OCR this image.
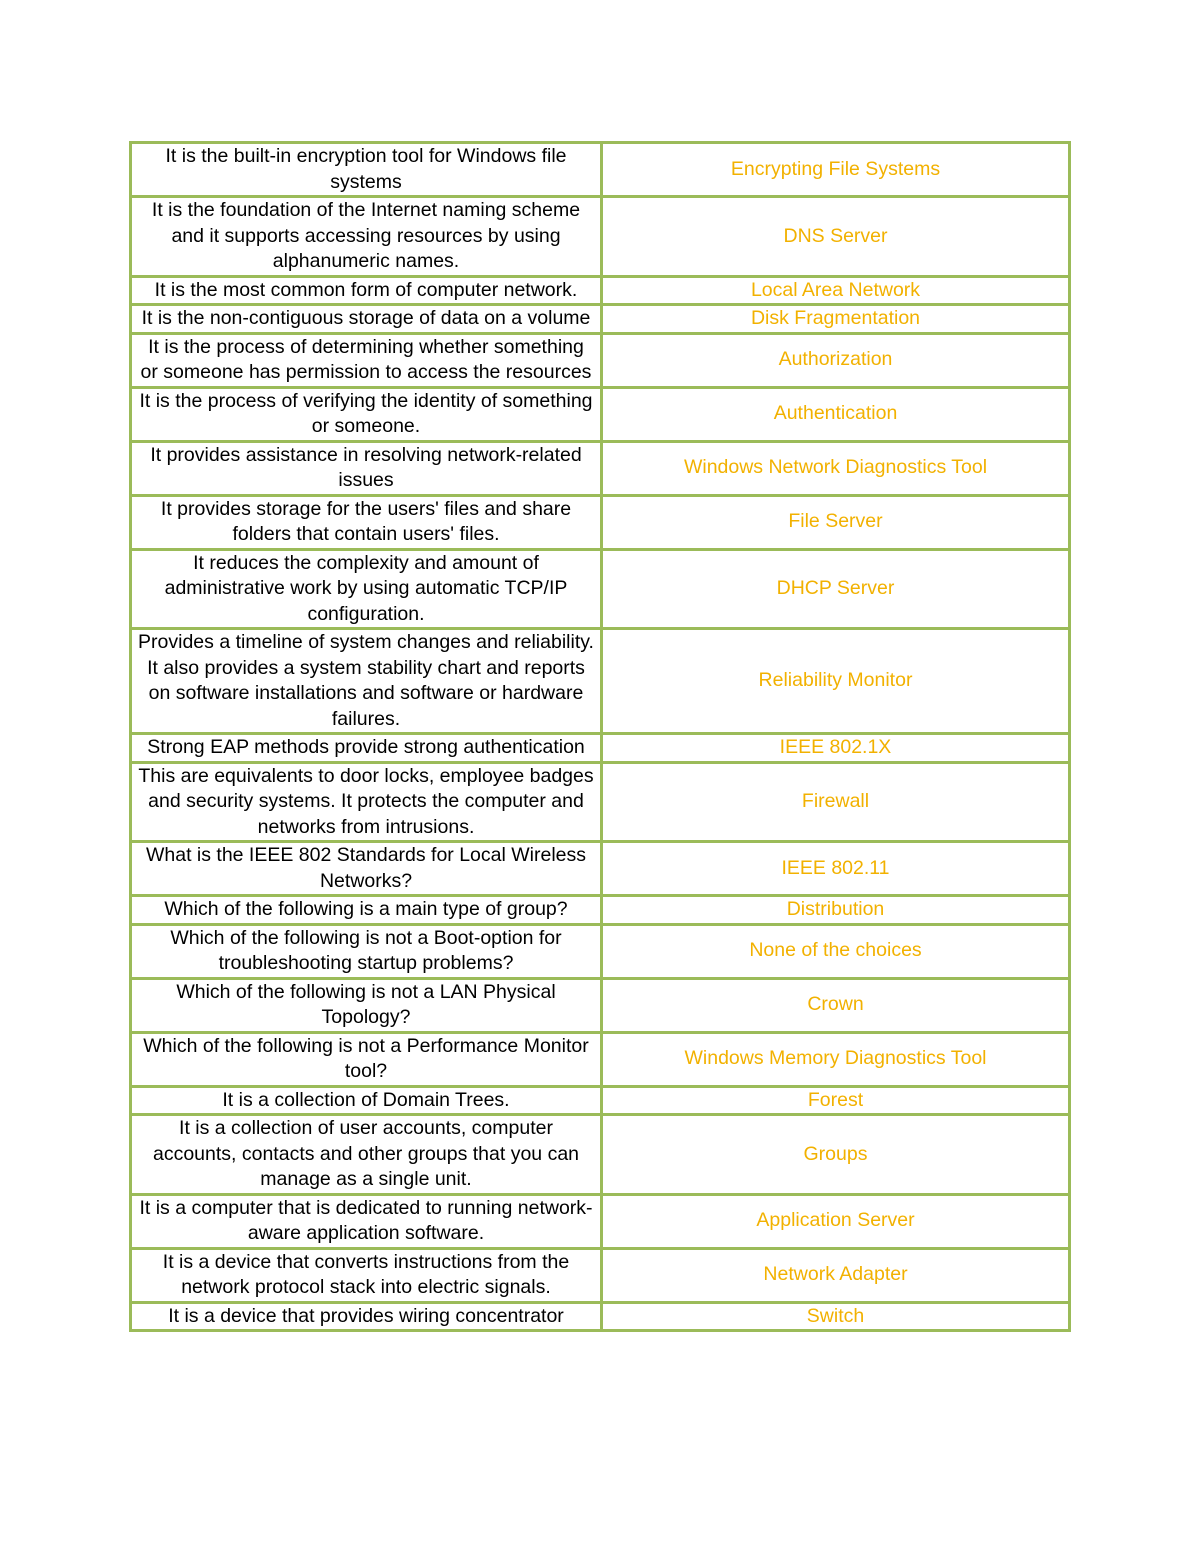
It is the built-in encryption tool for Windows file systems	Encrypting File Systems
It is the foundation of the Internet naming scheme and it supports accessing resources by using alphanumeric names.	DNS Server
It is the most common form of computer network.	Local Area Network
It is the non-contiguous storage of data on a volume	Disk Fragmentation
It is the process of determining whether something or someone has permission to access the resources	Authorization
It is the process of verifying the identity of something or someone.	Authentication
It provides assistance in resolving network-related issues	Windows Network Diagnostics Tool
It provides storage for the users' files and share folders that contain users' files.	File Server
It reduces the complexity and amount of administrative work by using automatic TCP/IP configuration.	DHCP Server
Provides a timeline of system changes and reliability. It also provides a system stability chart and reports on software installations and software or hardware failures.	Reliability Monitor
Strong EAP methods provide strong authentication	IEEE 802.1X
This are equivalents to door locks, employee badges and security systems. It protects the computer and networks from intrusions.	Firewall
What is the IEEE 802 Standards for Local Wireless Networks?	IEEE 802.11
Which of the following is a main type of group?	Distribution
Which of the following is not a Boot-option for troubleshooting startup problems?	None of the choices
Which of the following is not a LAN Physical Topology?	Crown
Which of the following is not a Performance Monitor tool?	Windows Memory Diagnostics Tool
It is a collection of Domain Trees.	Forest
It is a collection of user accounts, computer accounts, contacts and other groups that you can manage as a single unit.	Groups
It is a computer that is dedicated to running network-aware application software.	Application Server
It is a device that converts instructions from the network protocol stack into electric signals.	Network Adapter
It is a device that provides wiring concentrator	Switch
